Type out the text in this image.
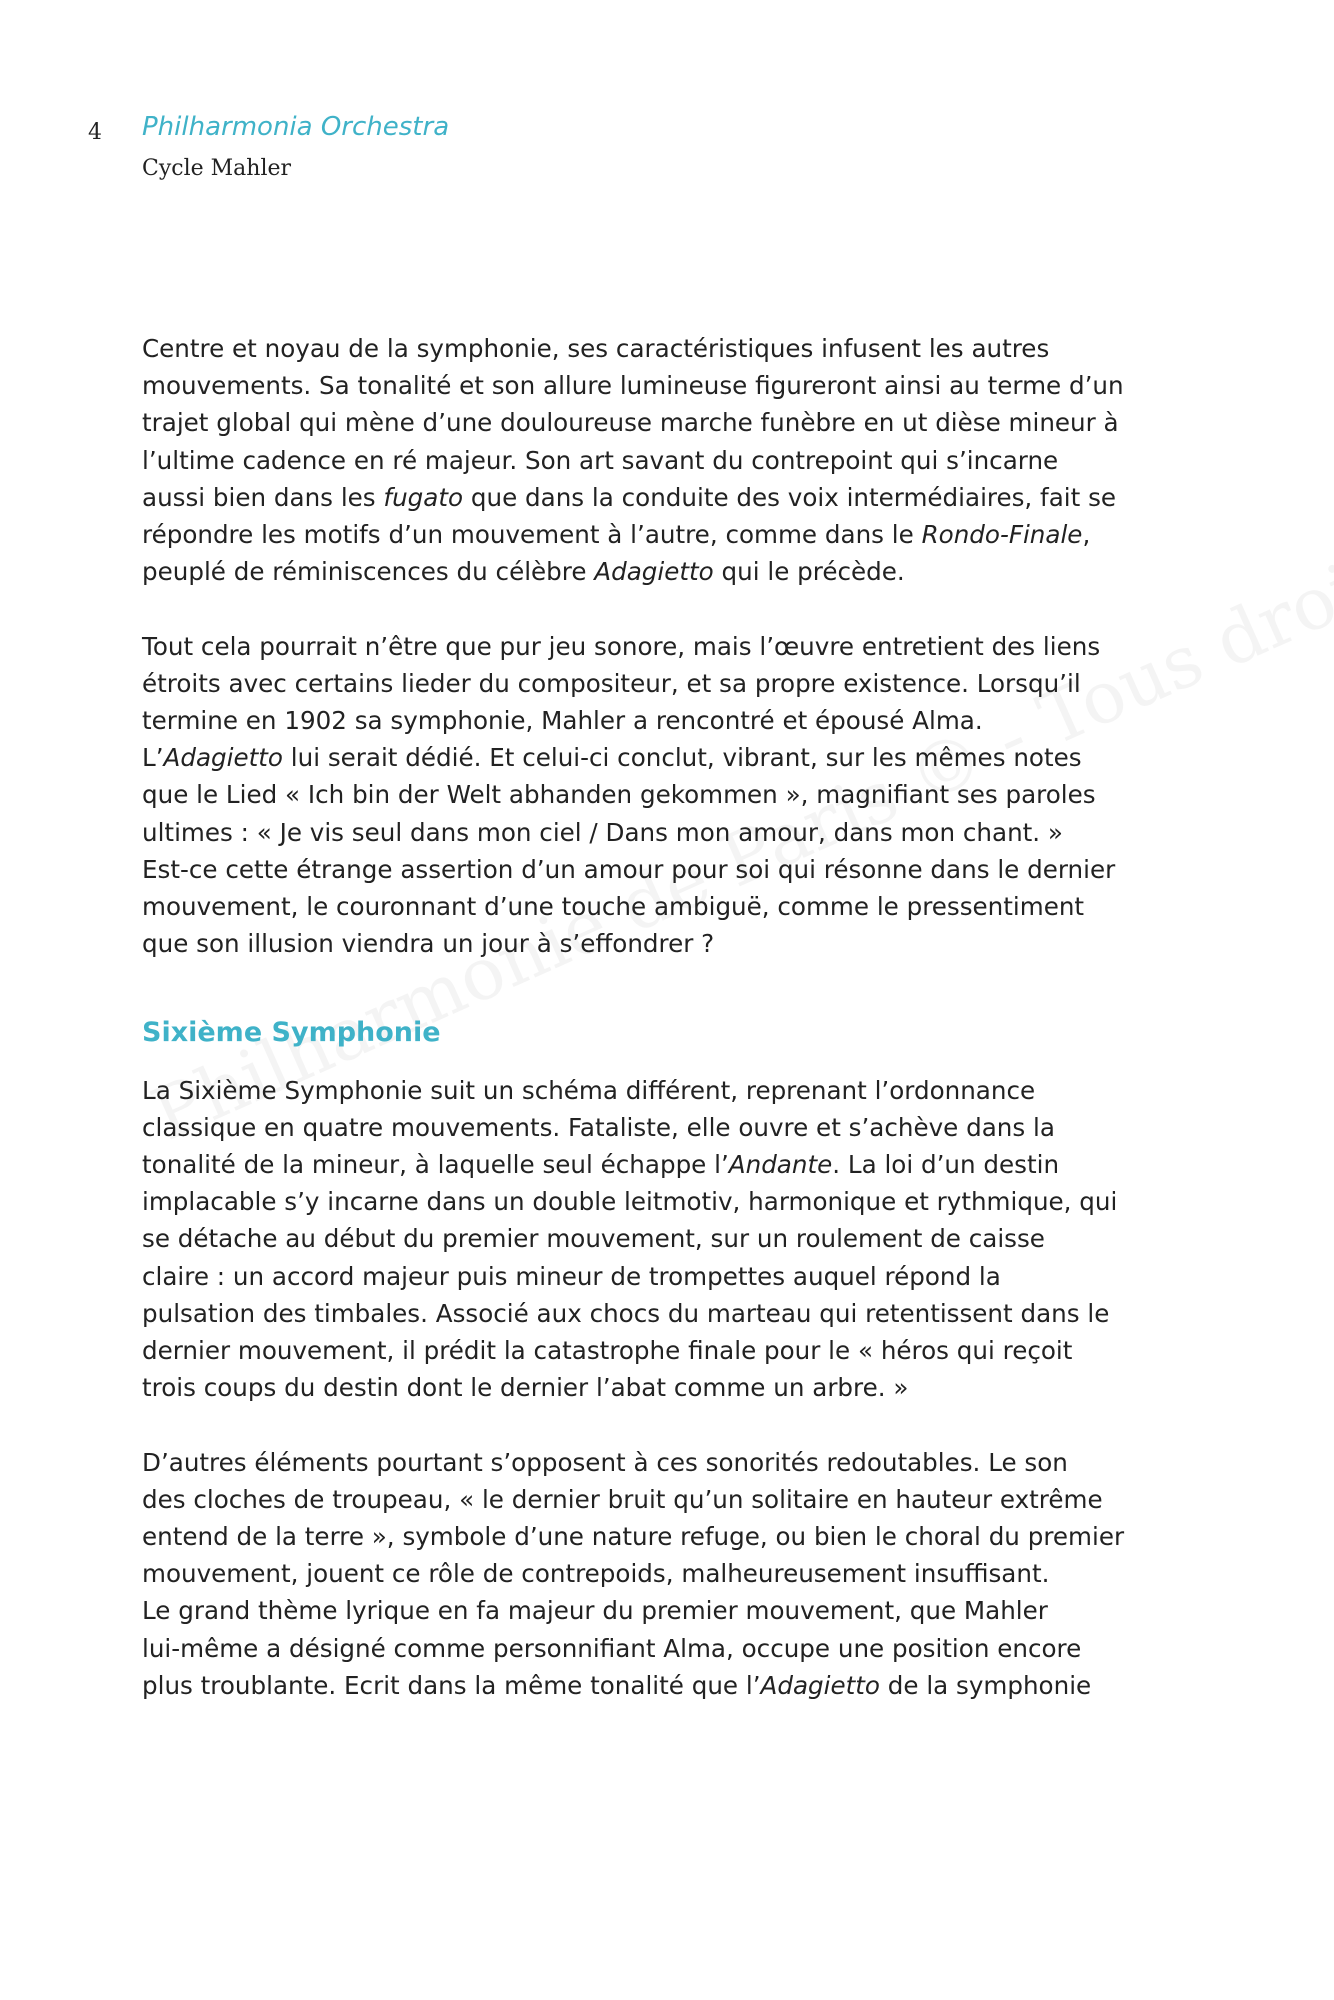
4 Philharmonia Orchestra
Cycle Mahler

Centre et noyau de la symphonie, ses caractéristiques infusent les autres
mouvements. Sa tonalité et son allure lumineuse figureront ainsi au terme d’un
trajet global qui mène d’une douloureuse marche funèbre en ut dièse mineur à
l’ultime cadence en ré majeur. Son art savant du contrepoint qui s’incarne
aussi bien dans les fugato que dans la conduite des voix intermédiaires, fait se
répondre les motifs d’un mouvement à l’autre, comme dans le Rondo-Finale,
peuplé de réminiscences du célèbre Adagietto qui le précède.

Tout cela pourrait n’être que pur jeu sonore, mais l’œuvre entretient des liens
étroits avec certains lieder du compositeur, et sa propre existence. Lorsqu’il
termine en 1902 sa symphonie, Mahler a rencontré et épousé Alma.
L’Adagietto lui serait dédié. Et celui-ci conclut, vibrant, sur les mêmes notes
que le Lied « Ich bin der Welt abhanden gekommen », magnifiant ses paroles
ultimes : « Je vis seul dans mon ciel / Dans mon amour, dans mon chant. »
Est-ce cette étrange assertion d’un amour pour soi qui résonne dans le dernier
mouvement, le couronnant d’une touche ambiguë, comme le pressentiment
que son illusion viendra un jour à s’effondrer ?

Sixième Symphonie

La Sixième Symphonie suit un schéma différent, reprenant l’ordonnance
classique en quatre mouvements. Fataliste, elle ouvre et s’achève dans la
tonalité de la mineur, à laquelle seul échappe l’Andante. La loi d’un destin
implacable s’y incarne dans un double leitmotiv, harmonique et rythmique, qui
se détache au début du premier mouvement, sur un roulement de caisse
claire : un accord majeur puis mineur de trompettes auquel répond la
pulsation des timbales. Associé aux chocs du marteau qui retentissent dans le
dernier mouvement, il prédit la catastrophe finale pour le « héros qui reçoit
trois coups du destin dont le dernier l’abat comme un arbre. »

D’autres éléments pourtant s’opposent à ces sonorités redoutables. Le son
des cloches de troupeau, « le dernier bruit qu’un solitaire en hauteur extrême
entend de la terre », symbole d’une nature refuge, ou bien le choral du premier
mouvement, jouent ce rôle de contrepoids, malheureusement insuffisant.
Le grand thème lyrique en fa majeur du premier mouvement, que Mahler
lui-même a désigné comme personnifiant Alma, occupe une position encore
plus troublante. Ecrit dans la même tonalité que l’Adagietto de la symphonie
